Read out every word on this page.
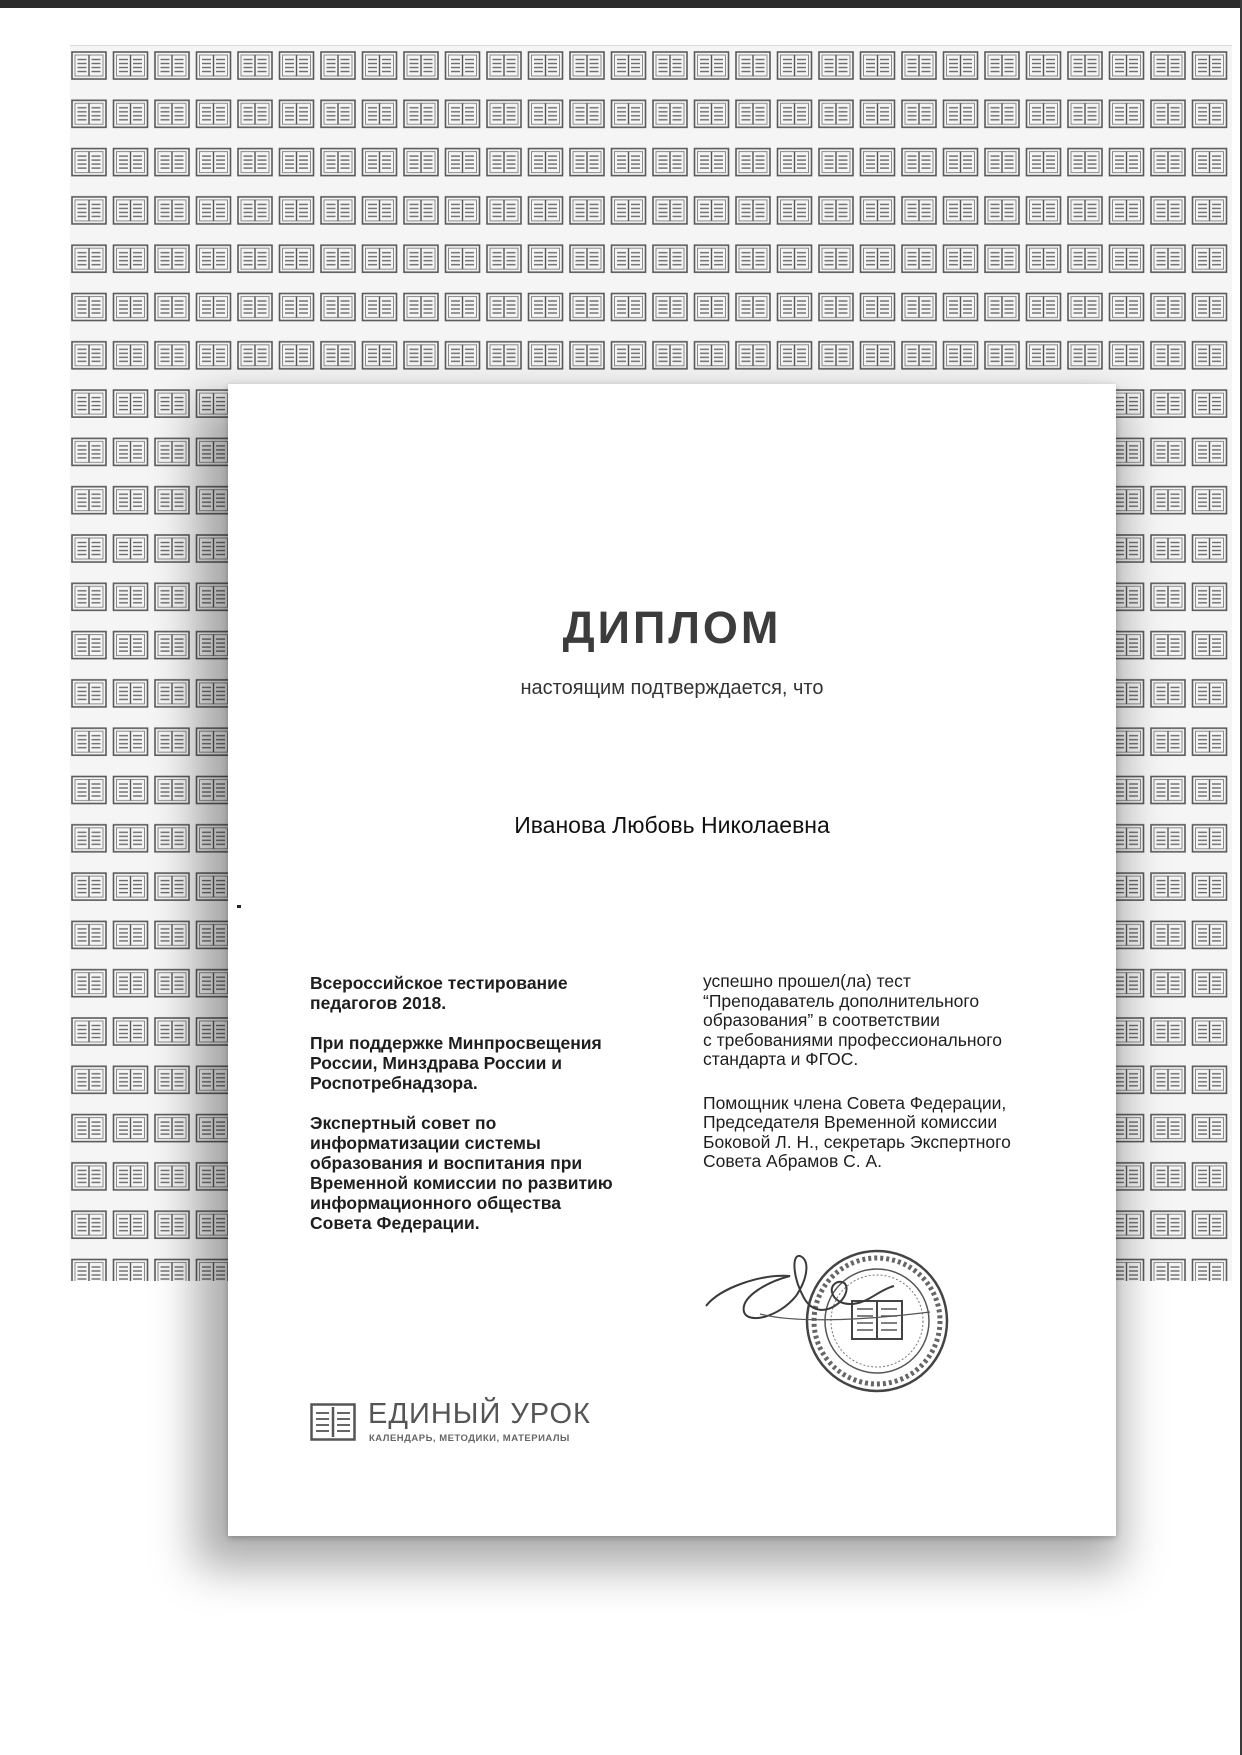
ДИПЛОМ
настоящим подтверждается, что
Иванова Любовь Николаевна

Всероссийское тестирование
педагогов 2018.

При поддержке Минпросвещения
России, Минздрава России и
Роспотребнадзора.

Экспертный совет по
информатизации системы
образования и воспитания при
Временной комиссии по развитию
информационного общества
Совета Федерации.

успешно прошел(ла) тест
“Преподаватель дополнительного
образования” в соответствии
с требованиями профессионального
стандарта и ФГОС.

Помощник члена Совета Федерации,
Председателя Временной комиссии
Боковой Л. Н., секретарь Экспертного
Совета Абрамов С. А.

ЕДИНЫЙ УРОК
КАЛЕНДАРЬ, МЕТОДИКИ, МАТЕРИАЛЫ
